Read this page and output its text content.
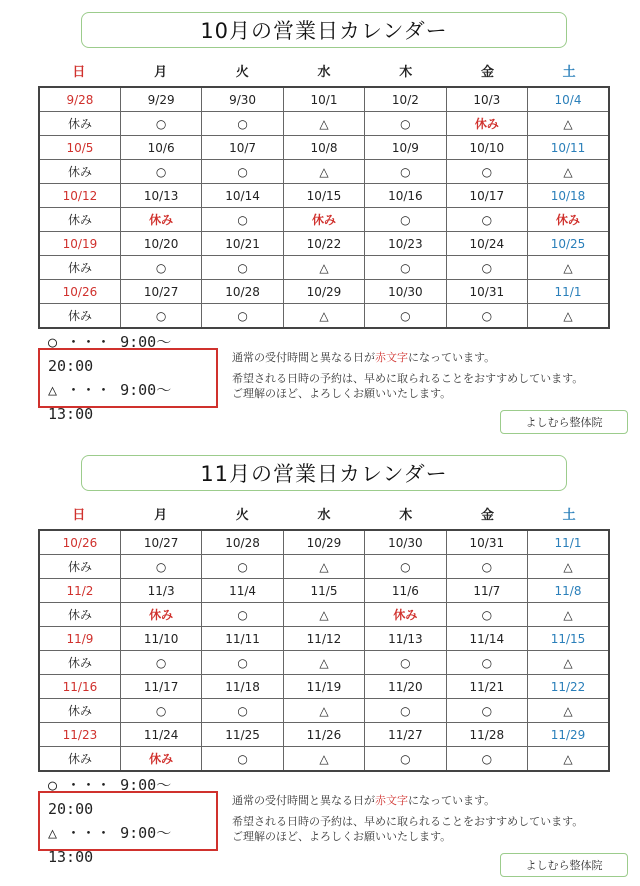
10月の営業日カレンダー
日	月	火	水	木	金	土
9/28	9/29	9/30	10/1	10/2	10/3	10/4
休み	○	○	△	○	休み	△
10/5	10/6	10/7	10/8	10/9	10/10	10/11
休み	○	○	△	○	○	△
10/12	10/13	10/14	10/15	10/16	10/17	10/18
休み	休み	○	休み	○	○	休み
10/19	10/20	10/21	10/22	10/23	10/24	10/25
休み	○	○	△	○	○	△
10/26	10/27	10/28	10/29	10/30	10/31	11/1
休み	○	○	△	○	○	△
○ ・・・ 9:00～20:00
△ ・・・ 9:00～13:00
通常の受付時間と異なる日が赤文字になっています。
希望される日時の予約は、早めに取られることをおすすめしています。
ご理解のほど、よろしくお願いいたします。
よしむら整体院
11月の営業日カレンダー
日	月	火	水	木	金	土
10/26	10/27	10/28	10/29	10/30	10/31	11/1
休み	○	○	△	○	○	△
11/2	11/3	11/4	11/5	11/6	11/7	11/8
休み	休み	○	△	休み	○	△
11/9	11/10	11/11	11/12	11/13	11/14	11/15
休み	○	○	△	○	○	△
11/16	11/17	11/18	11/19	11/20	11/21	11/22
休み	○	○	△	○	○	△
11/23	11/24	11/25	11/26	11/27	11/28	11/29
休み	休み	○	△	○	○	△
○ ・・・ 9:00～20:00
△ ・・・ 9:00～13:00
通常の受付時間と異なる日が赤文字になっています。
希望される日時の予約は、早めに取られることをおすすめしています。
ご理解のほど、よろしくお願いいたします。
よしむら整体院
